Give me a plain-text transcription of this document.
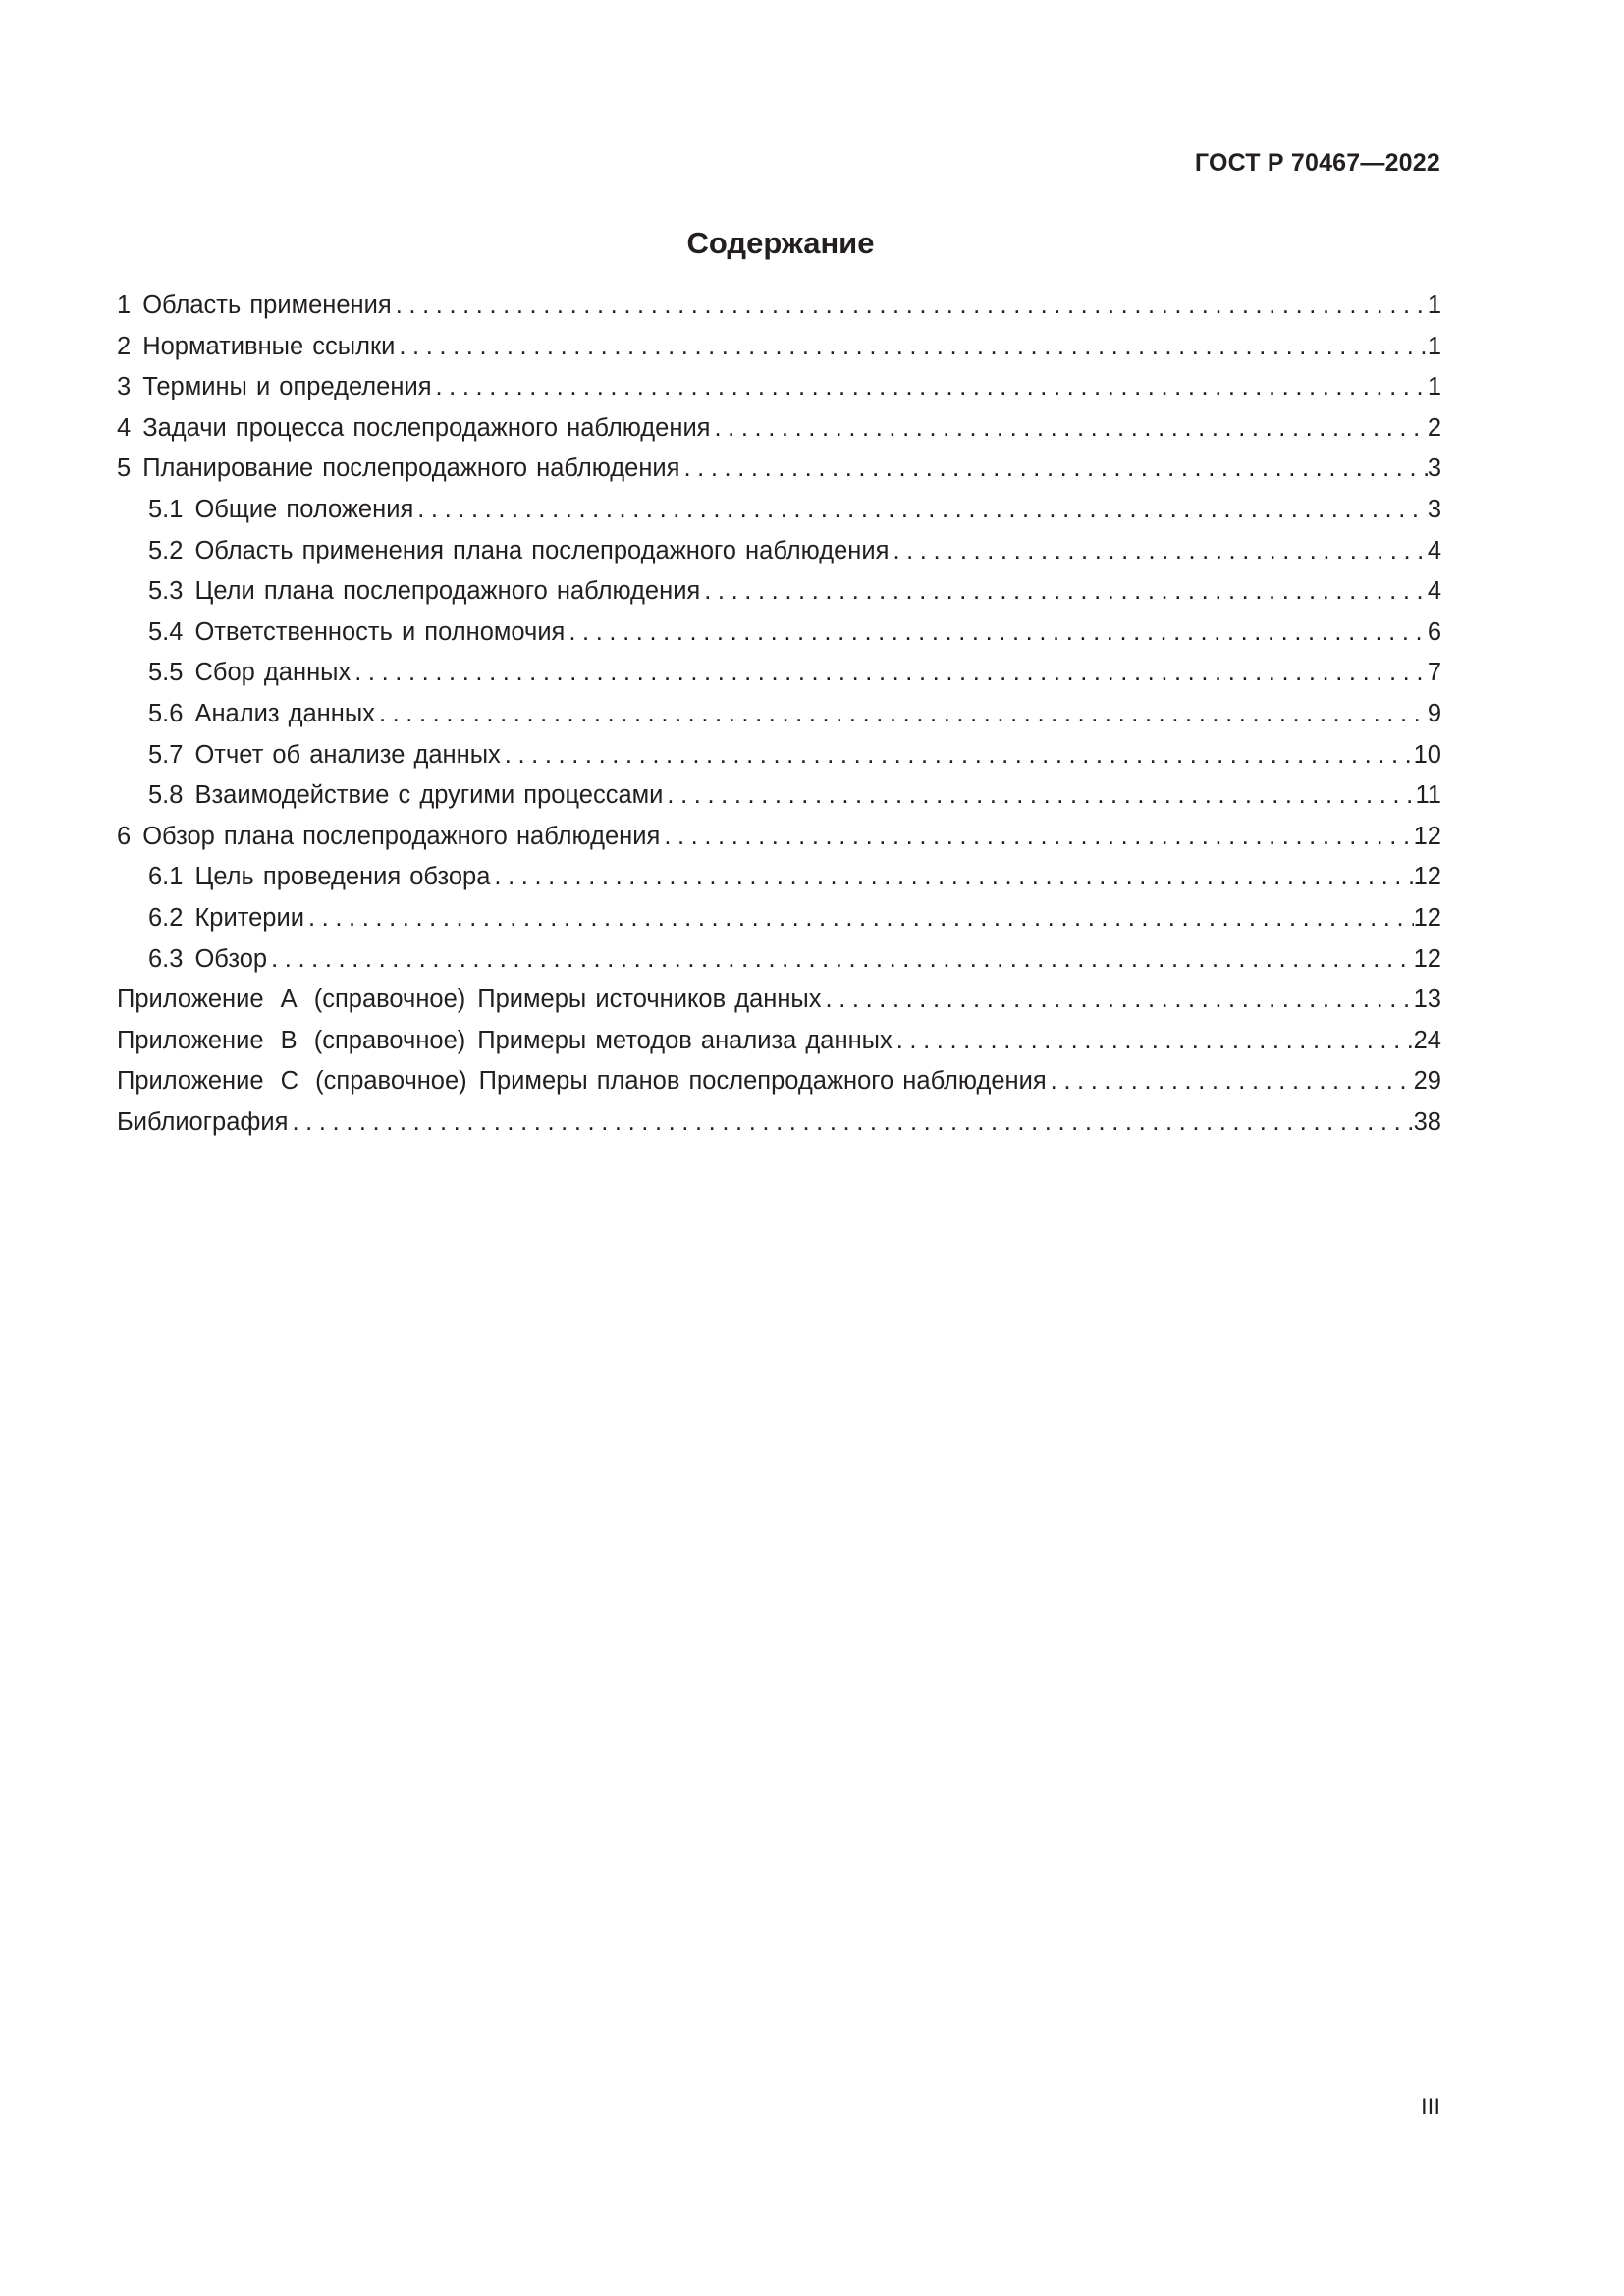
ГОСТ Р 70467—2022
Содержание
1 Область применения .....	1
2 Нормативные ссылки .....	1
3 Термины и определения .....	1
4 Задачи процесса послепродажного наблюдения .....	2
5 Планирование послепродажного наблюдения .....	3
5.1 Общие положения .....	3
5.2 Область применения плана послепродажного наблюдения .....	4
5.3 Цели плана послепродажного наблюдения .....	4
5.4 Ответственность и полномочия .....	6
5.5 Сбор данных .....	7
5.6 Анализ данных .....	9
5.7 Отчет об анализе данных .....	10
5.8 Взаимодействие с другими процессами .....	11
6 Обзор плана послепродажного наблюдения .....	12
6.1 Цель проведения обзора .....	12
6.2 Критерии .....	12
6.3 Обзор .....	12
Приложение А (справочное) Примеры источников данных .....	13
Приложение В (справочное) Примеры методов анализа данных .....	24
Приложение С (справочное) Примеры планов послепродажного наблюдения .....	29
Библиография .....	38
III
